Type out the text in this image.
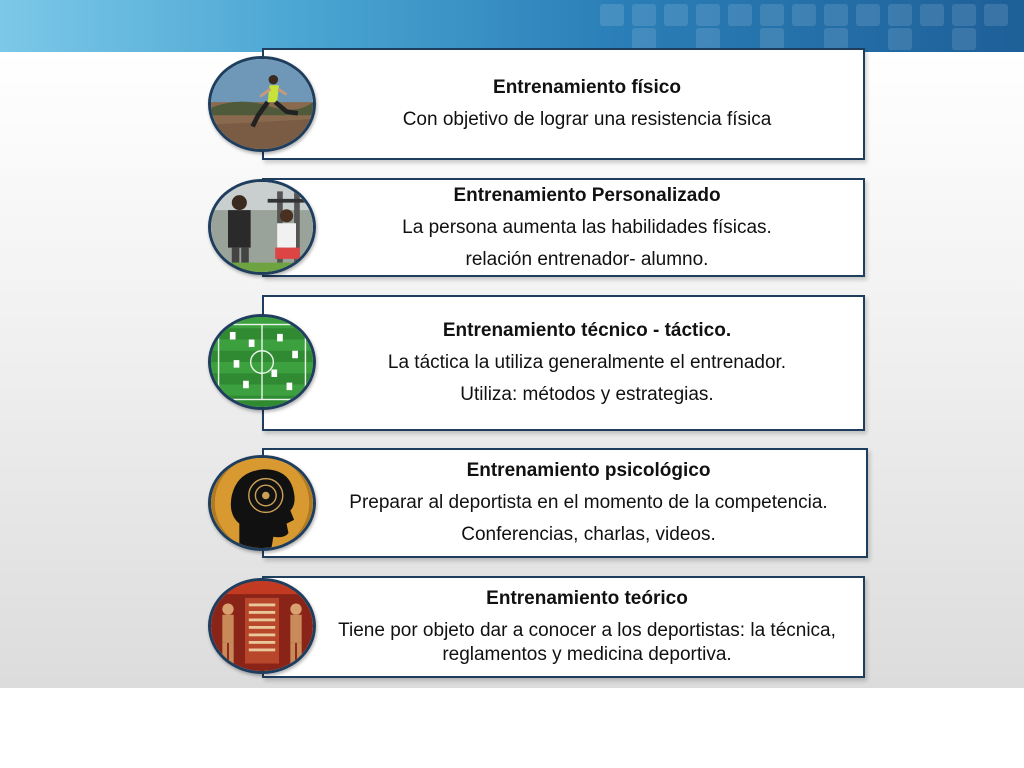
Entrenamiento físico
Con objetivo de lograr una resistencia física
Entrenamiento Personalizado
La persona aumenta las habilidades físicas.
relación entrenador- alumno.
Entrenamiento técnico - táctico.
La táctica la utiliza generalmente el entrenador.
Utiliza: métodos y estrategias.
Entrenamiento psicológico
Preparar al deportista en el momento de la competencia.
Conferencias, charlas, videos.
Entrenamiento teórico
Tiene por objeto dar a conocer a los deportistas: la técnica, reglamentos y medicina deportiva.
